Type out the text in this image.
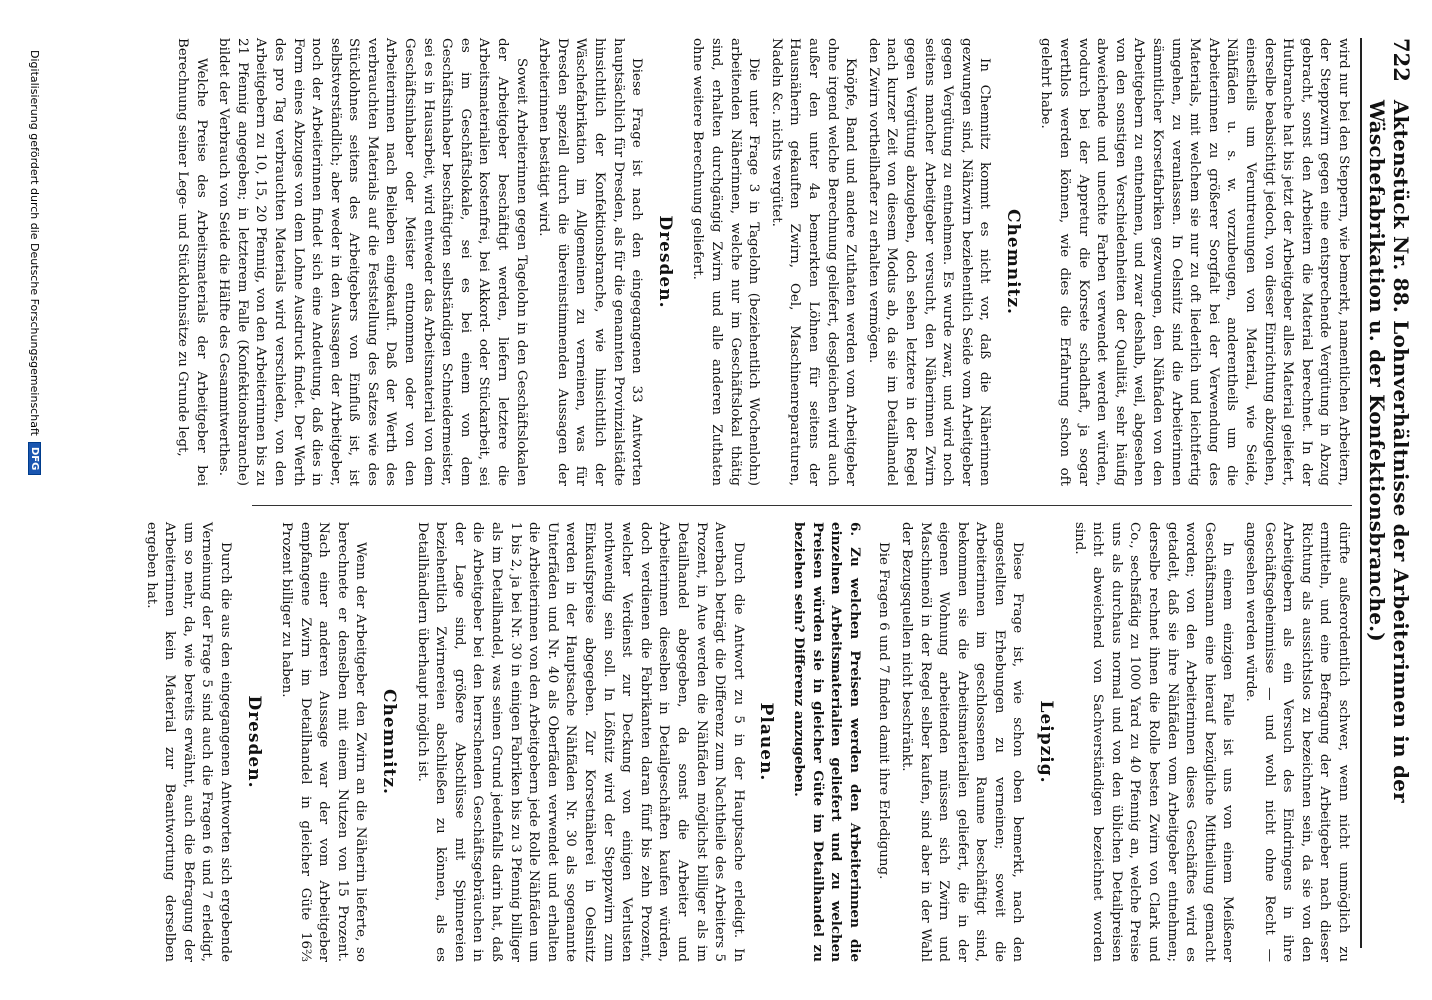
722
Aktenstück Nr. 88. Lohnverhältnisse der Arbeiterinnen in der Wäschefabrikation u. der Konfektionsbranche.)

wird nur bei den Steppern, wie bemerkt, namentlichen Arbeitern, der Steppzwirn gegen eine entsprechende Vergütung in Abzug gebracht, sonst den Arbeitern die Material berechnet. In der Hutbranche hat bis jetzt der Arbeitgeber alles Material geliefert, derselbe beabsichtigt jedoch, von dieser Einrichtung abzugehen, einestheils um Veruntreuungen von Material, wie Seide, Nähfäden u. s. w. vorzubeugen, anderentheils um die Arbeiterinnen zu größerer Sorgfalt bei der Verwendung des Materials, mit welchem sie nur zu oft liederlich und leichtfertig umgehen, zu veranlassen. In Oelsnitz sind die Arbeiterinnen sämmtlicher Korsetfabriken gezwungen, den Nähfaden von den Arbeitgebern zu entnehmen, und zwar deshalb, weil, abgesehen von den sonstigen Verschiedenheiten der Qualität, sehr häufig abweichende und unechte Farben verwendet werden würden, wodurch bei der Appretur die Korsete schadhaft, ja sogar werthlos werden können, wie dies die Erfahrung schon oft gelehrt habe.

Chemnitz.

In Chemnitz kommt es nicht vor, daß die Näherinnen gezwungen sind, Nähzwirn beziehentlich Seide vom Arbeitgeber gegen Vergütung zu entnehmen. Es wurde zwar, und wird noch seitens mancher Arbeitgeber versucht, den Näherinnen Zwirn gegen Vergütung abzugeben, doch sehen letztere in der Regel nach kurzer Zeit von diesem Modus ab, da sie im Detailhandel den Zwirn vortheilhafter zu erhalten vermögen.

Knöpfe, Band und andere Zuthaten werden vom Arbeitgeber ohne irgend welche Berechnung geliefert, desgleichen wird auch außer den unter 4a bemerkten Löhnen für seitens der Hausnäherin gekauften Zwirn, Oel, Maschinenreparaturen, Nadeln &c. nichts vergütet.

Die unter Frage 3 in Tagelohn (beziehentlich Wochenlohn) arbeitenden Näherinnen, welche nur im Geschäftslokal thätig sind, erhalten durchgängig Zwirn und alle anderen Zuthaten ohne weitere Berechnung geliefert.

Dresden.

Diese Frage ist nach den eingegangenen 33 Antworten hauptsächlich für Dresden, als für die genannten Provinzialstädte hinsichtlich der Konfektionsbranche, wie hinsichtlich der Wäschefabrikation im Allgemeinen zu verneinen, was für Dresden speziell durch die übereinstimmenden Aussagen der Arbeiterinnen bestätigt wird.

Soweit Arbeiterinnen gegen Tagelohn in den Geschäftslokalen der Arbeitgeber beschäftigt werden, liefern letztere die Arbeitsmaterialien kostenfrei, bei Akkord- oder Stückarbeit, sei es im Geschäftslokale, sei es bei einem von dem Geschäftsinhaber beschäftigten selbständigen Schneidermeister, sei es in Hausarbeit, wird entweder das Arbeitsmaterial von dem Geschäftsinhaber oder Meister entnommen oder von den Arbeiterinnen nach Belieben eingekauft. Daß der Werth des verbrauchten Materials auf die Feststellung des Satzes wie des Stücklohnes seitens des Arbeitgebers von Einfluß ist, ist selbstverständlich; aber weder in den Aussagen der Arbeitgeber, noch der Arbeiterinnen findet sich eine Andeutung, daß dies in Form eines Abzuges von dem Lohne Ausdruck findet. Der Werth des pro Tag verbrauchten Materials wird verschieden, von den Arbeitgebern zu 10, 15, 20 Pfennig, von den Arbeiterinnen bis zu 21 Pfennig angegeben; in letzterem Falle (Konfektionsbranche) bildet der Verbrauch von Seide die Hälfte des Gesammtwerthes.

Welche Preise des Arbeitsmaterials der Arbeitgeber bei Berechnung seiner Lege- und Stücklohnsätze zu Grunde legt,

dürfte außerordentlich schwer, wenn nicht unmöglich zu ermitteln, und eine Befragung der Arbeitgeber nach dieser Richtung als aussichtslos zu bezeichnen sein, da sie von den Arbeitgebern als ein Versuch des Eindringens in ihre Geschäftsgeheimnisse — und wohl nicht ohne Recht — angesehen werden würde.

In einem einzigen Falle ist uns von einem Meißener Geschäftsmann eine hierauf bezügliche Mittheilung gemacht worden; von den Arbeiterinnen dieses Geschäftes wird es getadelt, daß sie ihre Nähfäden vom Arbeitgeber entnehmen; derselbe rechnet ihnen die Rolle besten Zwirn von Clark und Co., sechsfädig zu 1000 Yard zu 40 Pfennig an, welche Preise uns als durchaus normal und von den üblichen Detailpreisen nicht abweichend von Sachverständigen bezeichnet worden sind.

Leipzig.

Diese Frage ist, wie schon oben bemerkt, nach den angestellten Erhebungen zu verneinen; soweit die Arbeiterinnen im geschlossenen Raume beschäftigt sind, bekommen sie die Arbeitsmaterialien geliefert, die in der eigenen Wohnung arbeitenden müssen sich Zwirn und Maschinenöl in der Regel selber kaufen, sind aber in der Wahl der Bezugsquellen nicht beschränkt.

Die Fragen 6 und 7 finden damit ihre Erledigung.

6. Zu welchen Preisen werden den Arbeiterinnen die einzelnen Arbeitsmaterialien geliefert und zu welchen Preisen würden sie in gleicher Güte im Detailhandel zu beziehen sein? Differenz anzugeben.

Plauen.

Durch die Antwort zu 5 in der Hauptsache erledigt. In Auerbach beträgt die Differenz zum Nachtheile des Arbeiters 5 Prozent, in Aue werden die Nähfäden möglichst billiger als im Detailhandel abgegeben, da sonst die Arbeiter und Arbeiterinnen dieselben in Detailgeschäften kaufen würden, doch verdienen die Fabrikanten daran fünf bis zehn Prozent, welcher Verdienst zur Deckung von einigen Verlusten nothwendig sein soll. In Lößnitz wird der Steppzwirn zum Einkaufspreise abgegeben. Zur Korsetnäherei in Oelsnitz werden in der Hauptsache Nähfäden Nr. 30 als sogenannte Unterfäden und Nr. 40 als Oberfäden verwendet und erhalten die Arbeiterinnen von den Arbeitgebern jede Rolle Nähfäden um 1 bis 2, ja bei Nr. 30 in einigen Fabriken bis zu 3 Pfennig billiger als im Detailhandel, was seinen Grund jedenfalls darin hat, daß die Arbeitgeber bei den herrschenden Geschäftsgebräuchen in der Lage sind, größere Abschlüsse mit Spinnereien beziehentlich Zwirnereien abschließen zu können, als es Detailhändlern überhaupt möglich ist.

Chemnitz.

Wenn der Arbeitgeber den Zwirn an die Näherin lieferte, so berechnete er denselben mit einem Nutzen von 15 Prozent. Nach einer anderen Aussage war der vom Arbeitgeber empfangene Zwirn im Detailhandel in gleicher Güte 16⅔ Prozent billiger zu haben.

Dresden.

Durch die aus den eingegangenen Antworten sich ergebende Verneinung der Frage 5 sind auch die Fragen 6 und 7 erledigt, um so mehr, da, wie bereits erwähnt, auch die Befragung der Arbeiterinnen kein Material zur Beantwortung derselben ergeben hat.

Digitalisierung gefördert durch die Deutsche Forschungsgemeinschaft
DFG
